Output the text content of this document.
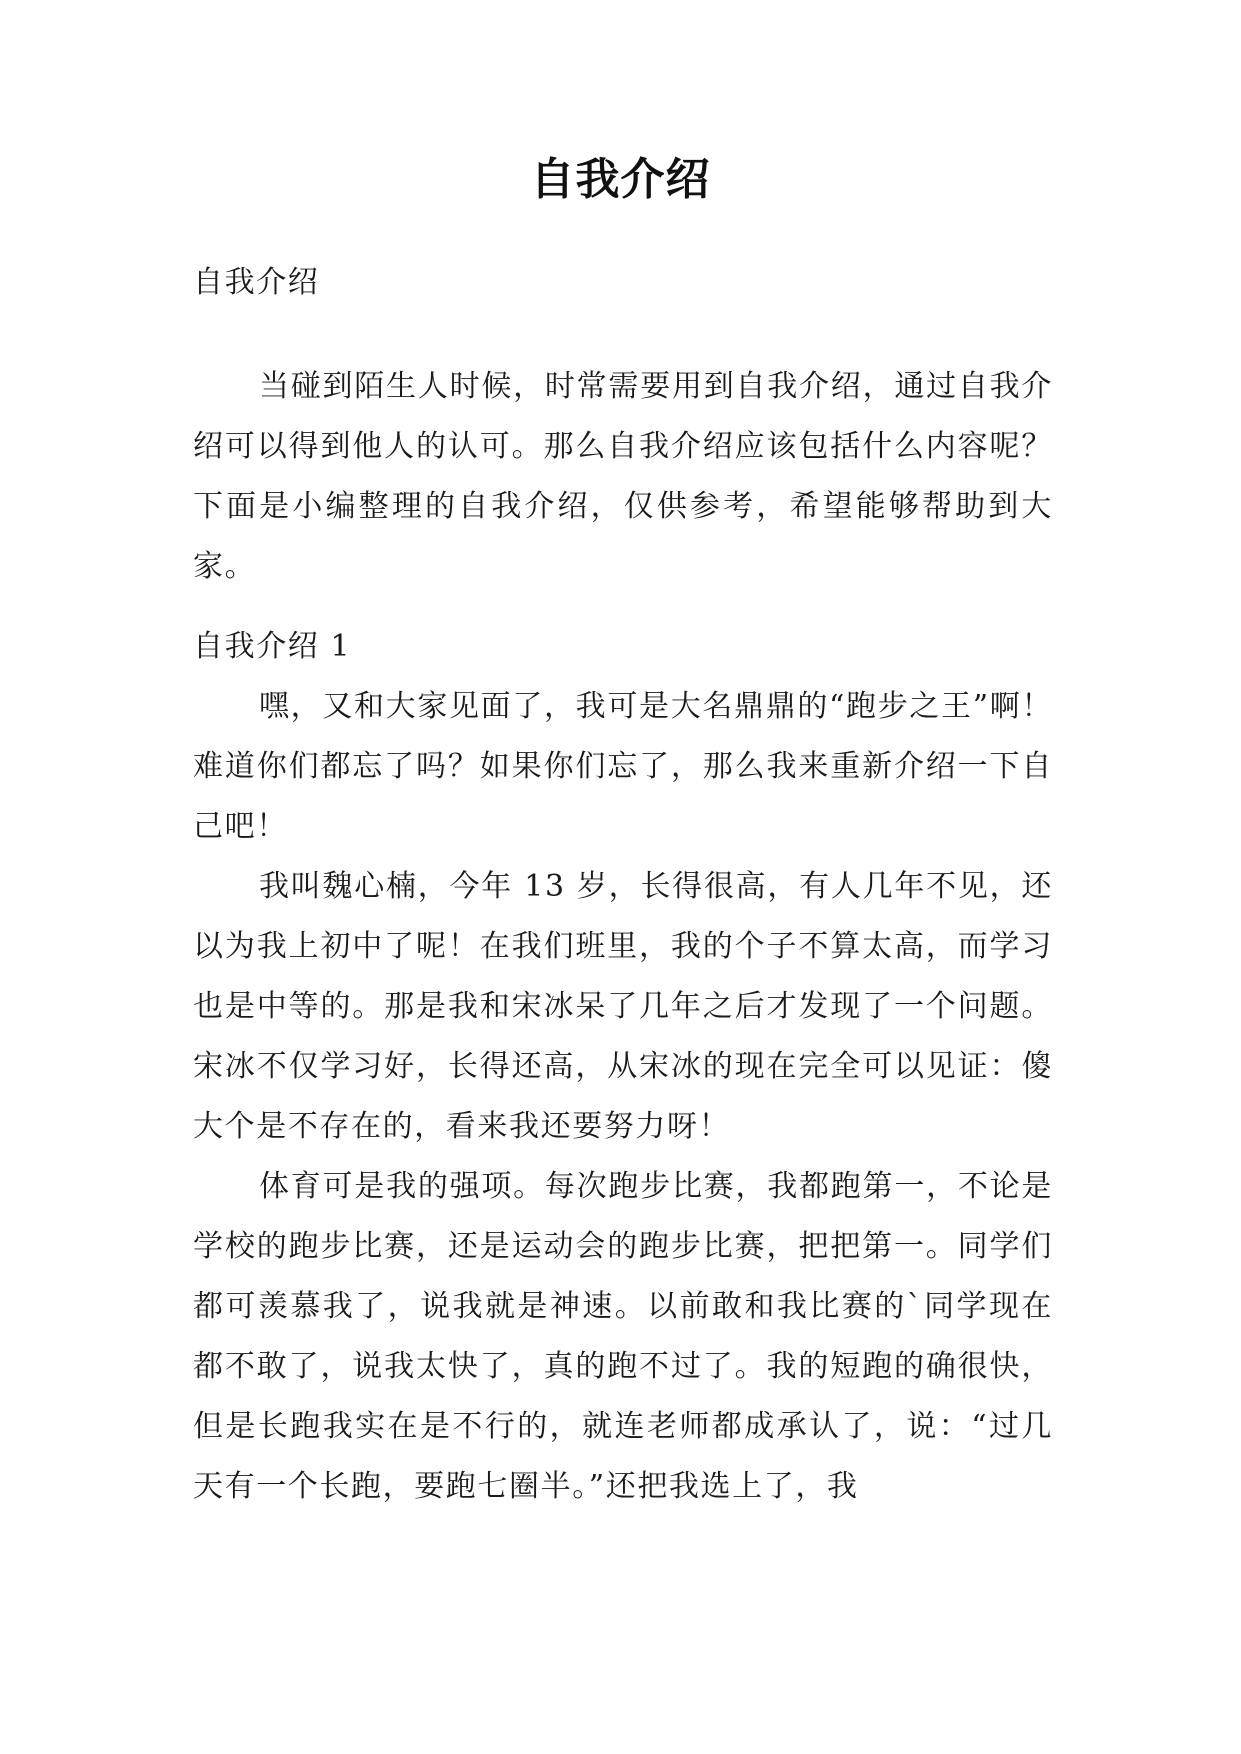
自我介绍

自我介绍

当碰到陌生人时候，时常需要用到自我介绍，通过自我介绍可以得到他人的认可。那么自我介绍应该包括什么内容呢？下面是小编整理的自我介绍，仅供参考，希望能够帮助到大家。

自我介绍 1

嘿，又和大家见面了，我可是大名鼎鼎的“跑步之王”啊！难道你们都忘了吗？如果你们忘了，那么我来重新介绍一下自己吧！

我叫魏心楠，今年 13 岁，长得很高，有人几年不见，还以为我上初中了呢！在我们班里，我的个子不算太高，而学习也是中等的。那是我和宋冰呆了几年之后才发现了一个问题。宋冰不仅学习好，长得还高，从宋冰的现在完全可以见证：傻大个是不存在的，看来我还要努力呀！

体育可是我的强项。每次跑步比赛，我都跑第一，不论是学校的跑步比赛，还是运动会的跑步比赛，把把第一。同学们都可羡慕我了，说我就是神速。以前敢和我比赛的`同学现在都不敢了，说我太快了，真的跑不过了。我的短跑的确很快，但是长跑我实在是不行的，就连老师都成承认了，说：“过几天有一个长跑，要跑七圈半。”还把我选上了，我
